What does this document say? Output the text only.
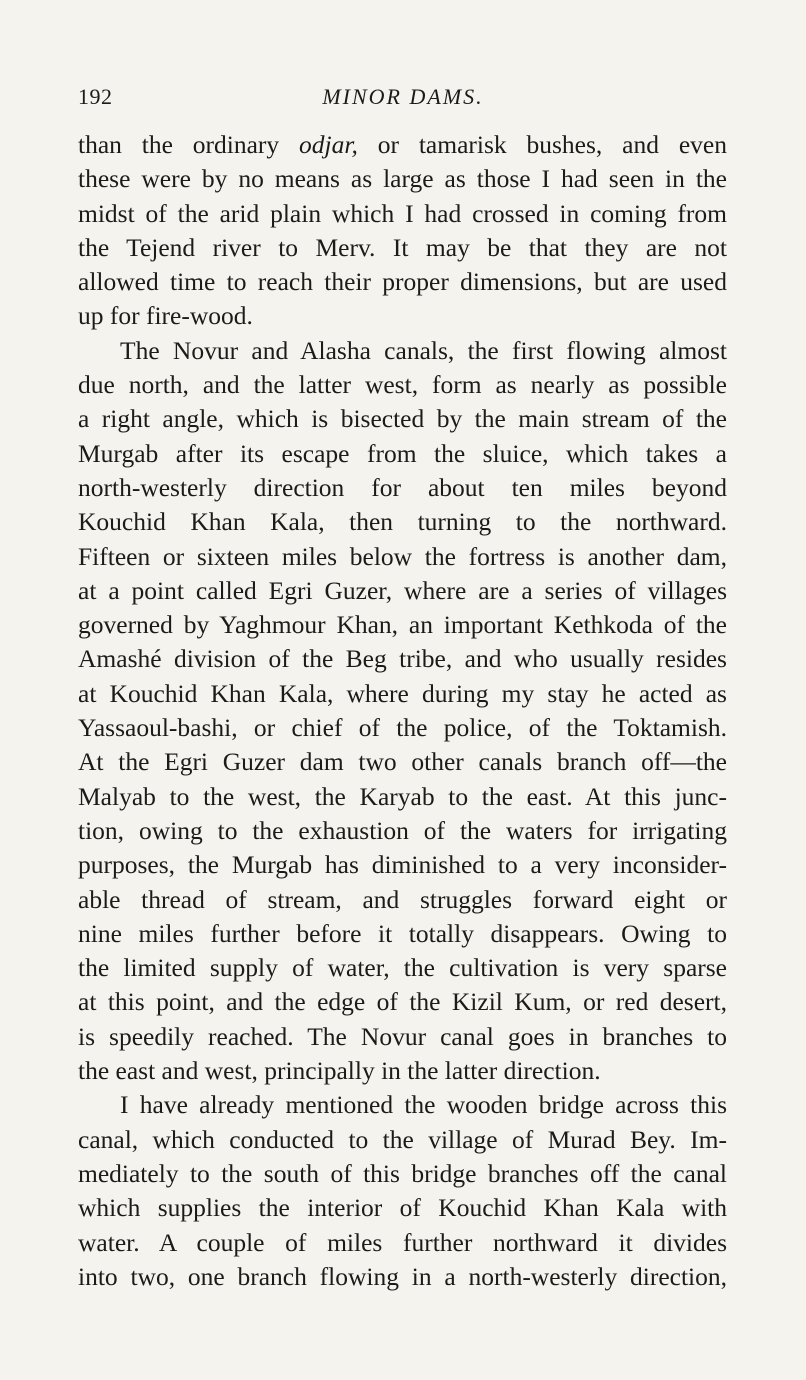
192	MINOR DAMS.
than the ordinary odjar, or tamarisk bushes, and even
these were by no means as large as those I had seen in the
midst of the arid plain which I had crossed in coming from
the Tejend river to Merv. It may be that they are not
allowed time to reach their proper dimensions, but are used
up for fire-wood.
The Novur and Alasha canals, the first flowing almost
due north, and the latter west, form as nearly as possible
a right angle, which is bisected by the main stream of the
Murgab after its escape from the sluice, which takes a
north-westerly direction for about ten miles beyond
Kouchid Khan Kala, then turning to the northward.
Fifteen or sixteen miles below the fortress is another dam,
at a point called Egri Guzer, where are a series of villages
governed by Yaghmour Khan, an important Kethkoda of the
Amashé division of the Beg tribe, and who usually resides
at Kouchid Khan Kala, where during my stay he acted as
Yassaoul-bashi, or chief of the police, of the Toktamish.
At the Egri Guzer dam two other canals branch off—the
Malyab to the west, the Karyab to the east. At this junc-
tion, owing to the exhaustion of the waters for irrigating
purposes, the Murgab has diminished to a very inconsider-
able thread of stream, and struggles forward eight or
nine miles further before it totally disappears. Owing to
the limited supply of water, the cultivation is very sparse
at this point, and the edge of the Kizil Kum, or red desert,
is speedily reached. The Novur canal goes in branches to
the east and west, principally in the latter direction.
I have already mentioned the wooden bridge across this
canal, which conducted to the village of Murad Bey. Im-
mediately to the south of this bridge branches off the canal
which supplies the interior of Kouchid Khan Kala with
water. A couple of miles further northward it divides
into two, one branch flowing in a north-westerly direction,
